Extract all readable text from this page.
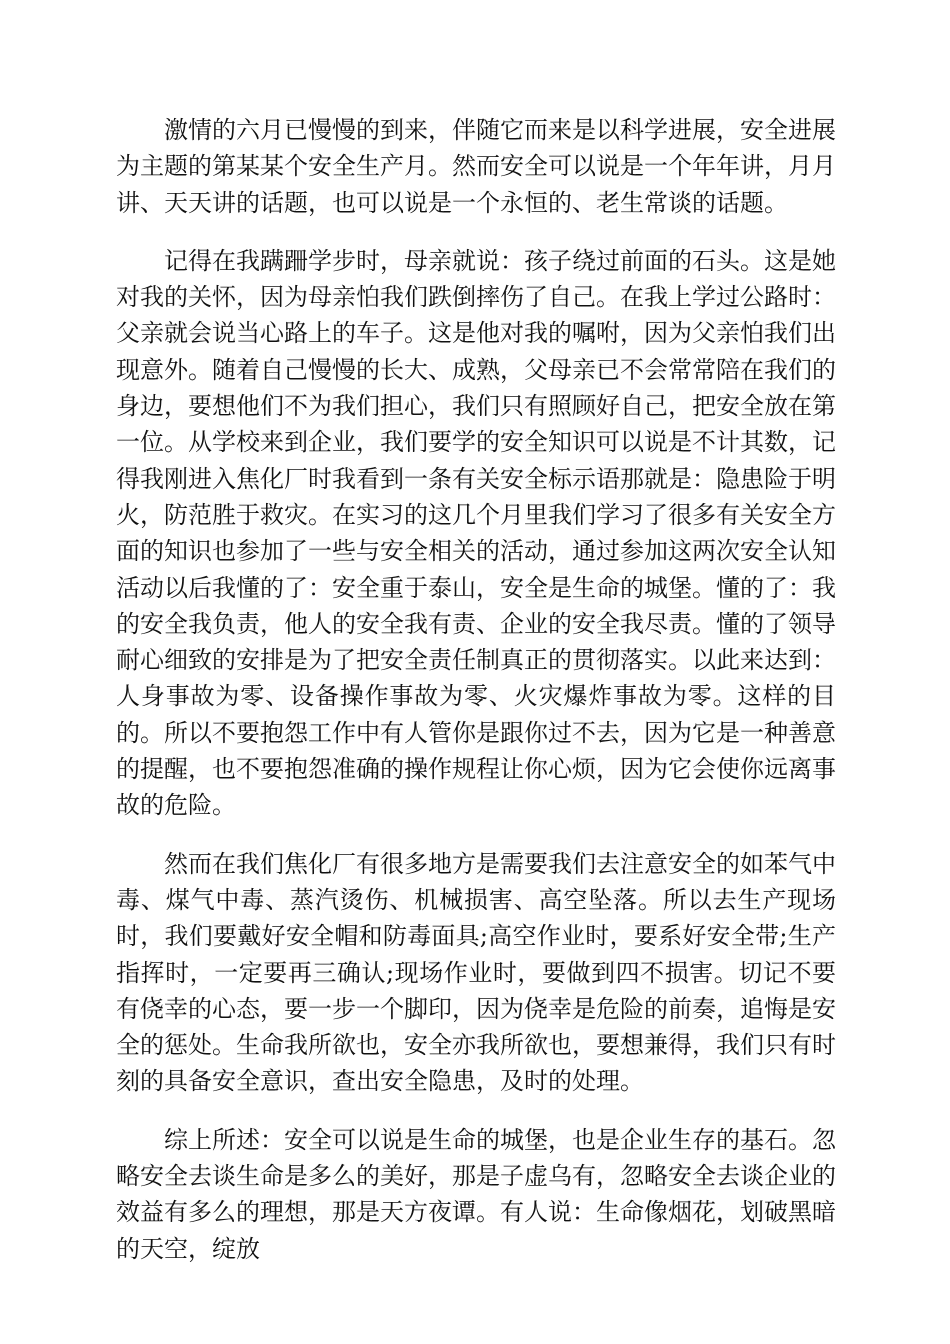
激情的六月已慢慢的到来，伴随它而来是以科学进展，安全进展为主题的第某某个安全生产月。然而安全可以说是一个年年讲，月月讲、天天讲的话题，也可以说是一个永恒的、老生常谈的话题。

记得在我蹒跚学步时，母亲就说：孩子绕过前面的石头。这是她对我的关怀，因为母亲怕我们跌倒摔伤了自己。在我上学过公路时：父亲就会说当心路上的车子。这是他对我的嘱咐，因为父亲怕我们出现意外。随着自己慢慢的长大、成熟，父母亲已不会常常陪在我们的身边，要想他们不为我们担心，我们只有照顾好自己，把安全放在第一位。从学校来到企业，我们要学的安全知识可以说是不计其数，记得我刚进入焦化厂时我看到一条有关安全标示语那就是：隐患险于明火，防范胜于救灾。在实习的这几个月里我们学习了很多有关安全方面的知识也参加了一些与安全相关的活动，通过参加这两次安全认知活动以后我懂的了：安全重于泰山，安全是生命的城堡。懂的了：我的安全我负责，他人的安全我有责、企业的安全我尽责。懂的了领导耐心细致的安排是为了把安全责任制真正的贯彻落实。以此来达到：人身事故为零、设备操作事故为零、火灾爆炸事故为零。这样的目的。所以不要抱怨工作中有人管你是跟你过不去，因为它是一种善意的提醒，也不要抱怨准确的操作规程让你心烦，因为它会使你远离事故的危险。

然而在我们焦化厂有很多地方是需要我们去注意安全的如苯气中毒、煤气中毒、蒸汽烫伤、机械损害、高空坠落。所以去生产现场时，我们要戴好安全帽和防毒面具;高空作业时，要系好安全带;生产指挥时，一定要再三确认;现场作业时，要做到四不损害。切记不要有侥幸的心态，要一步一个脚印，因为侥幸是危险的前奏，追悔是安全的惩处。生命我所欲也，安全亦我所欲也，要想兼得，我们只有时刻的具备安全意识，查出安全隐患，及时的处理。

综上所述：安全可以说是生命的城堡，也是企业生存的基石。忽略安全去谈生命是多么的美好，那是子虚乌有，忽略安全去谈企业的效益有多么的理想，那是天方夜谭。有人说：生命像烟花，划破黑暗的天空，绽放
